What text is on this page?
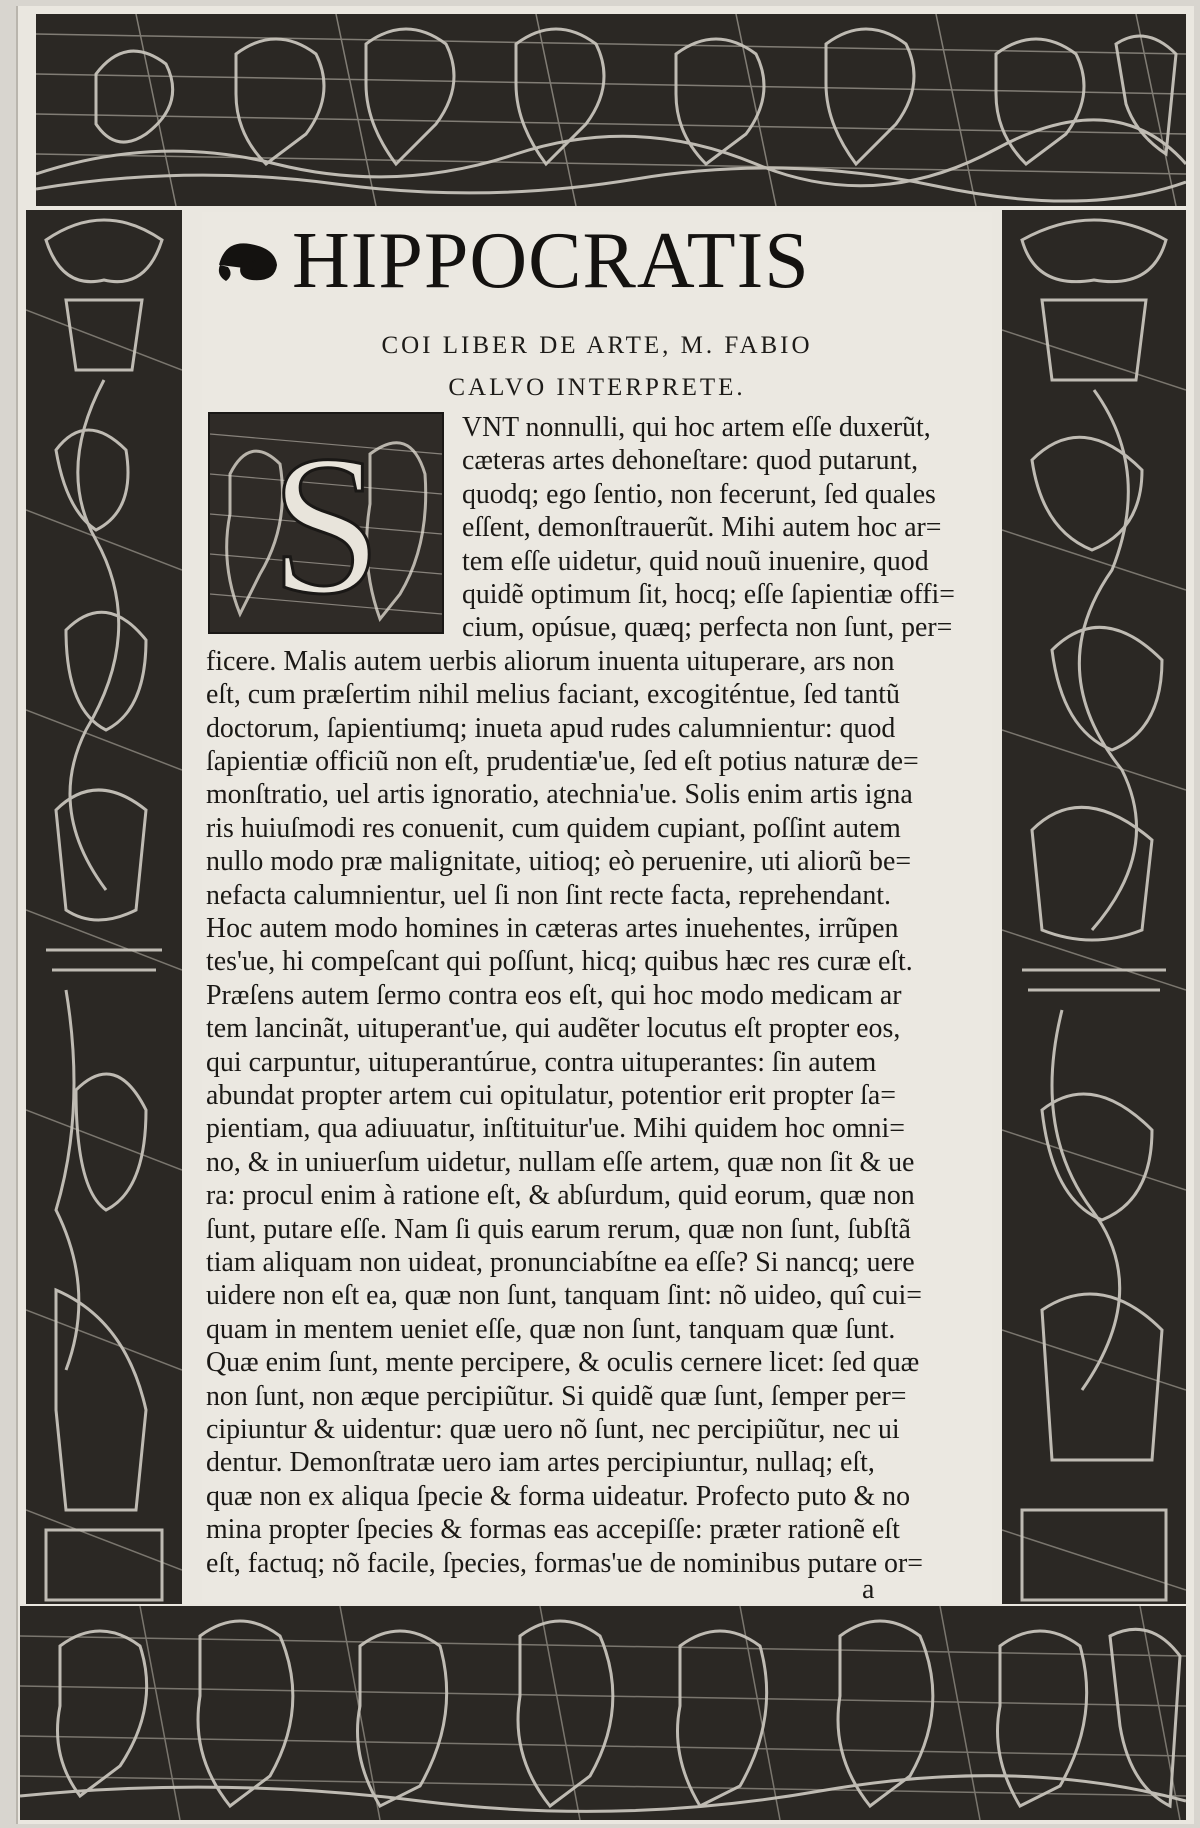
HIPPOCRATIS
COI LIBER DE ARTE, M. FABIO
CALVO INTERPRETE.
S	VNT nonnulli, qui hoc artem eſſe duxerũt,
cæteras artes dehoneſtare: quod putarunt,
quodq; ego ſentio, non fecerunt, ſed quales
eſſent, demonſtrauerũt. Mihi autem hoc ar=
tem eſſe uidetur, quid nouũ inuenire, quod
quidẽ optimum ſit, hocq; eſſe ſapientiæ offi=
cium, opúsue, quæq; perfecta non ſunt, per=
ficere. Malis autem uerbis aliorum inuenta uituperare, ars non
eſt, cum præſertim nihil melius faciant, excogiténtue, ſed tantũ
doctorum, ſapientiumq; inueta apud rudes calumnientur: quod
ſapientiæ officiũ non eſt, prudentiæ'ue, ſed eſt potius naturæ de=
monſtratio, uel artis ignoratio, atechnia'ue. Solis enim artis igna
ris huiuſmodi res conuenit, cum quidem cupiant, poſſint autem
nullo modo præ malignitate, uitioq; eò peruenire, uti aliorũ be=
nefacta calumnientur, uel ſi non ſint recte facta, reprehendant.
Hoc autem modo homines in cæteras artes inuehentes, irrũpen
tes'ue, hi compeſcant qui poſſunt, hicq; quibus hæc res curæ eſt.
Præſens autem ſermo contra eos eſt, qui hoc modo medicam ar
tem lancinãt, uituperant'ue, qui audẽter locutus eſt propter eos,
qui carpuntur, uituperantúrue, contra uituperantes: ſin autem
abundat propter artem cui opitulatur, potentior erit propter ſa=
pientiam, qua adiuuatur, inſtituitur'ue. Mihi quidem hoc omni=
no, & in uniuerſum uidetur, nullam eſſe artem, quæ non ſit & ue
ra: procul enim à ratione eſt, & abſurdum, quid eorum, quæ non
ſunt, putare eſſe. Nam ſi quis earum rerum, quæ non ſunt, ſubſtã
tiam aliquam non uideat, pronunciabítne ea eſſe? Si nancq; uere
uidere non eſt ea, quæ non ſunt, tanquam ſint: nõ uideo, quî cui=
quam in mentem ueniet eſſe, quæ non ſunt, tanquam quæ ſunt.
Quæ enim ſunt, mente percipere, & oculis cernere licet: ſed quæ
non ſunt, non æque percipiũtur. Si quidẽ quæ ſunt, ſemper per=
cipiuntur & uidentur: quæ uero nõ ſunt, nec percipiũtur, nec ui
dentur. Demonſtratæ uero iam artes percipiuntur, nullaq; eſt,
quæ non ex aliqua ſpecie & forma uideatur. Profecto puto & no
mina propter ſpecies & formas eas accepiſſe: præter rationẽ eſt
eſt, factuq; nõ facile, ſpecies, formas'ue de nominibus putare or=
a
